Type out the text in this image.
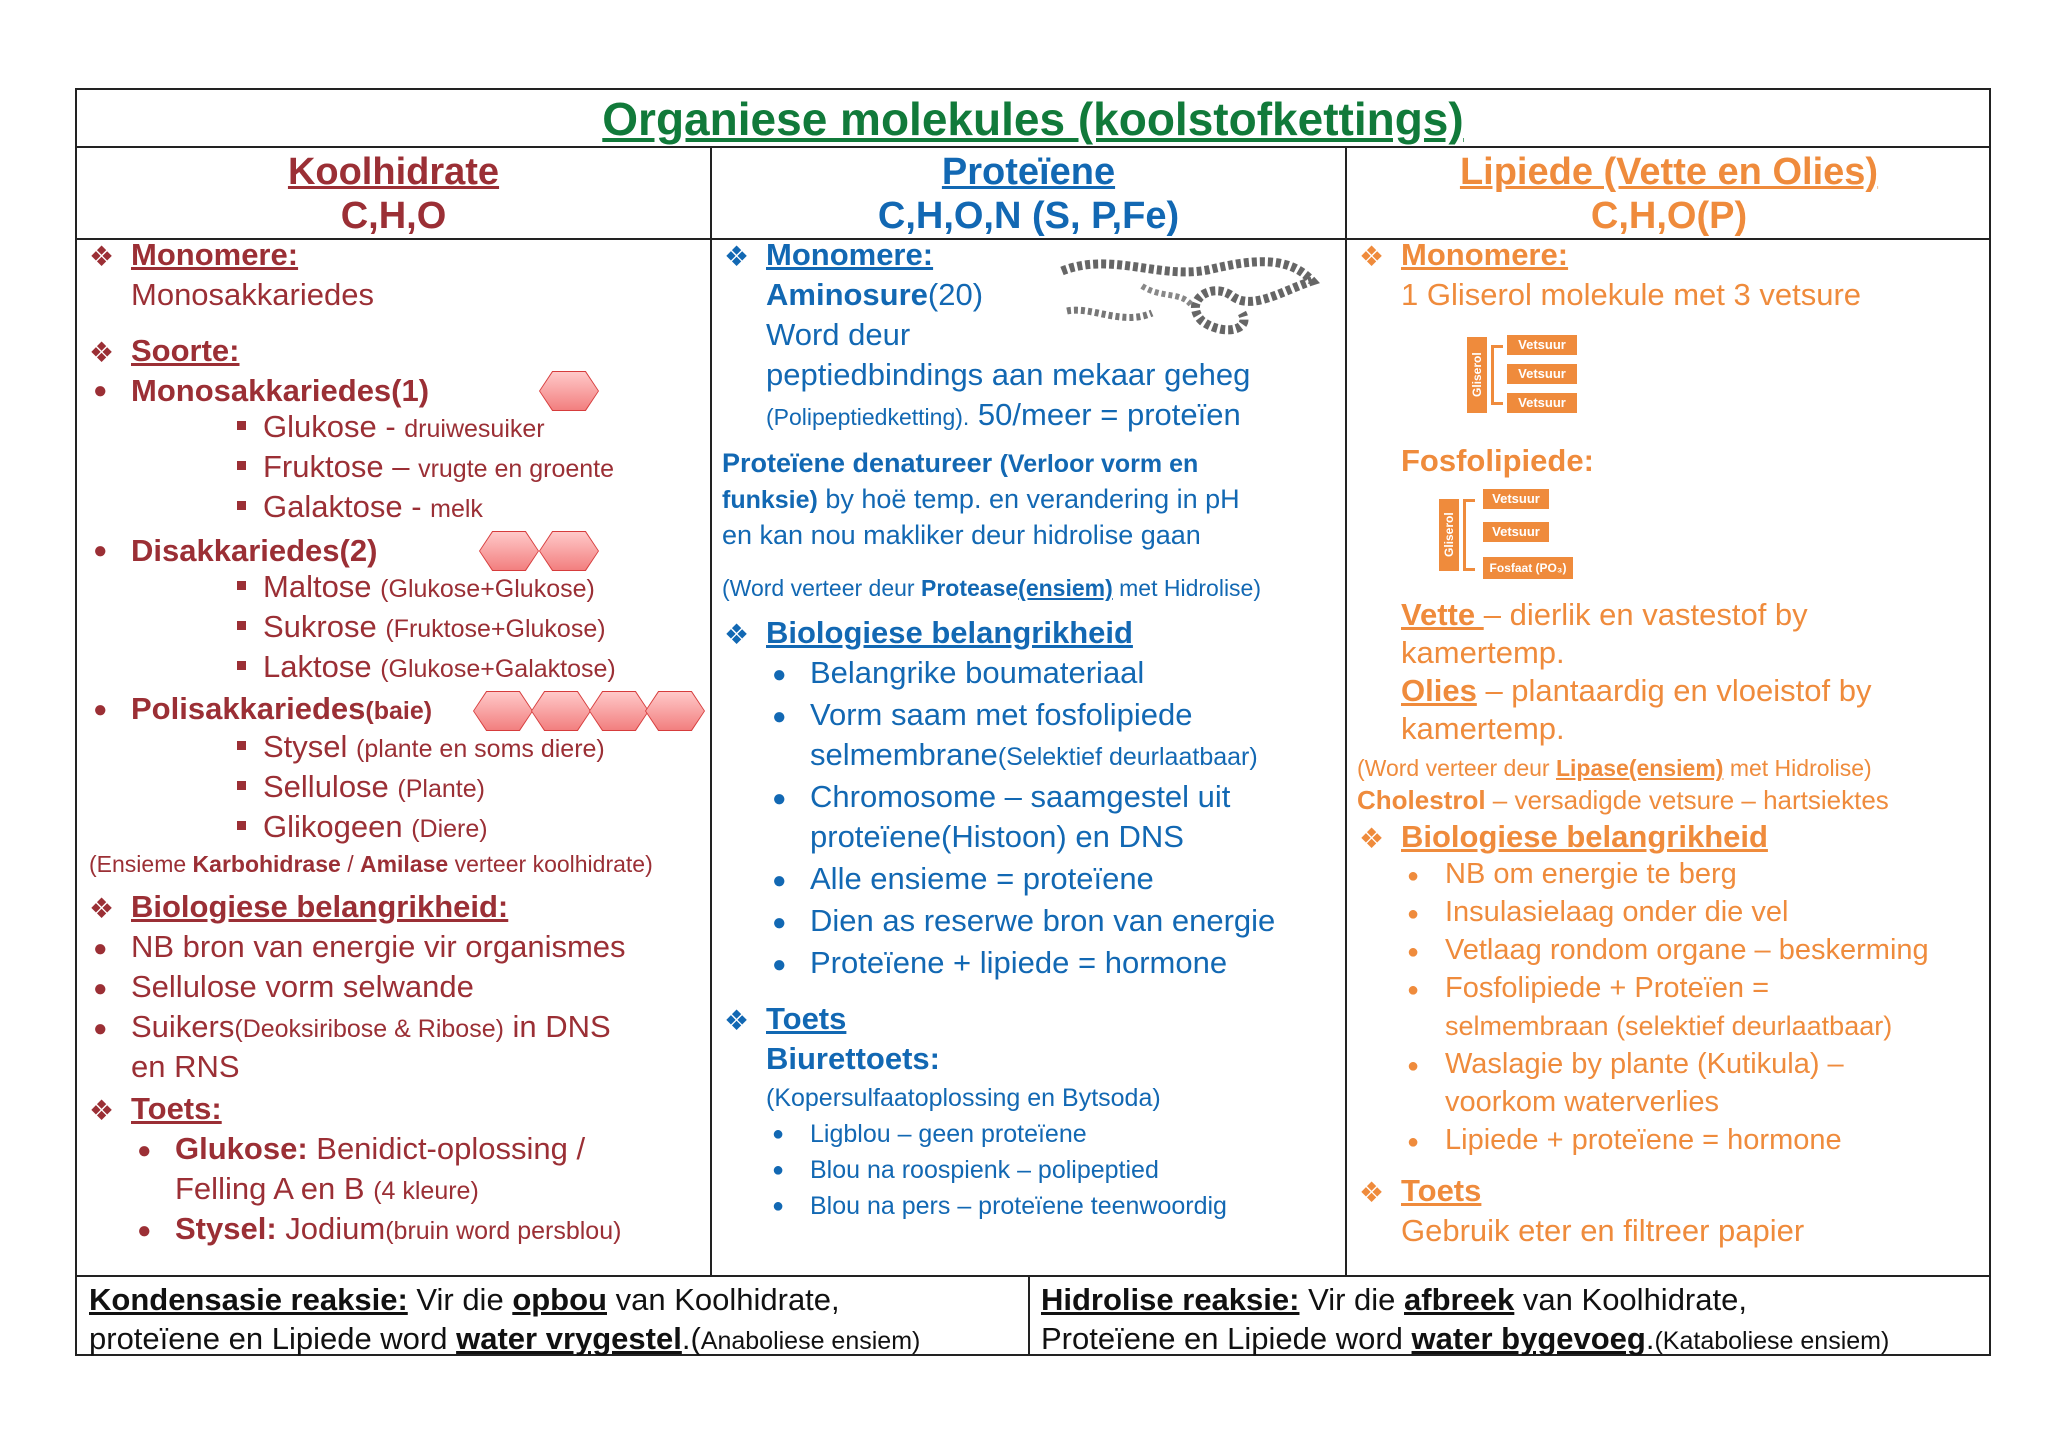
Organiese molekules (koolstofkettings)
Koolhidrate
C,H,O
Proteïene
C,H,O,N (S, P,Fe)
Lipiede (Vette en Olies)
C,H,O(P)
❖ Monomere:
Monosakkariedes
❖ Soorte:
● Monosakkariedes(1)
Glukose - druiwesuiker
Fruktose – vrugte en groente
Galaktose - melk
● Disakkariedes(2)
Maltose (Glukose+Glukose)
Sukrose (Fruktose+Glukose)
Laktose (Glukose+Galaktose)
● Polisakkariedes(baie)
Stysel (plante en soms diere)
Sellulose (Plante)
Glikogeen (Diere)
(Ensieme Karbohidrase / Amilase verteer koolhidrate)
❖ Biologiese belangrikheid:
● NB bron van energie vir organismes
● Sellulose vorm selwande
● Suikers(Deoksiribose & Ribose) in DNS
en RNS
❖ Toets:
● Glukose: Benidict-oplossing /
Felling A en B (4 kleure)
● Stysel: Jodium(bruin word persblou)
❖ Monomere:
Aminosure(20)
Word deur
peptiedbindings aan mekaar geheg
(Polipeptiedketting). 50/meer = proteïen
Proteïene denatureer (Verloor vorm en
funksie) by hoë temp. en verandering in pH
en kan nou makliker deur hidrolise gaan
(Word verteer deur Protease(ensiem) met Hidrolise)
❖ Biologiese belangrikheid
● Belangrike boumateriaal
● Vorm saam met fosfolipiede
selmembrane(Selektief deurlaatbaar)
● Chromosome – saamgestel uit
proteïene(Histoon) en DNS
● Alle ensieme = proteïene
● Dien as reserwe bron van energie
● Proteïene + lipiede = hormone
❖ Toets
Biurettoets:
(Kopersulfaatoplossing en Bytsoda)
● Ligblou – geen proteïene
● Blou na roospienk – polipeptied
● Blou na pers – proteïene teenwoordig
❖ Monomere:
1 Gliserol molekule met 3 vetsure
Gliserol
Vetsuur
Vetsuur
Vetsuur
Fosfolipiede:
Gliserol
Vetsuur
Vetsuur
Fosfaat (PO₃)
Vette – dierlik en vastestof by
kamertemp.
Olies – plantaardig en vloeistof by
kamertemp.
(Word verteer deur Lipase(ensiem) met Hidrolise)
Cholestrol – versadigde vetsure – hartsiektes
❖ Biologiese belangrikheid
● NB om energie te berg
● Insulasielaag onder die vel
● Vetlaag rondom organe – beskerming
● Fosfolipiede + Proteïen =
selmembraan (selektief deurlaatbaar)
● Waslagie by plante (Kutikula) –
voorkom waterverlies
● Lipiede + proteïene = hormone
❖ Toets
Gebruik eter en filtreer papier
Kondensasie reaksie: Vir die opbou van Koolhidrate,
proteïene en Lipiede word water vrygestel.(Anaboliese ensiem)
Hidrolise reaksie: Vir die afbreek van Koolhidrate,
Proteïene en Lipiede word water bygevoeg.(Kataboliese ensiem)
